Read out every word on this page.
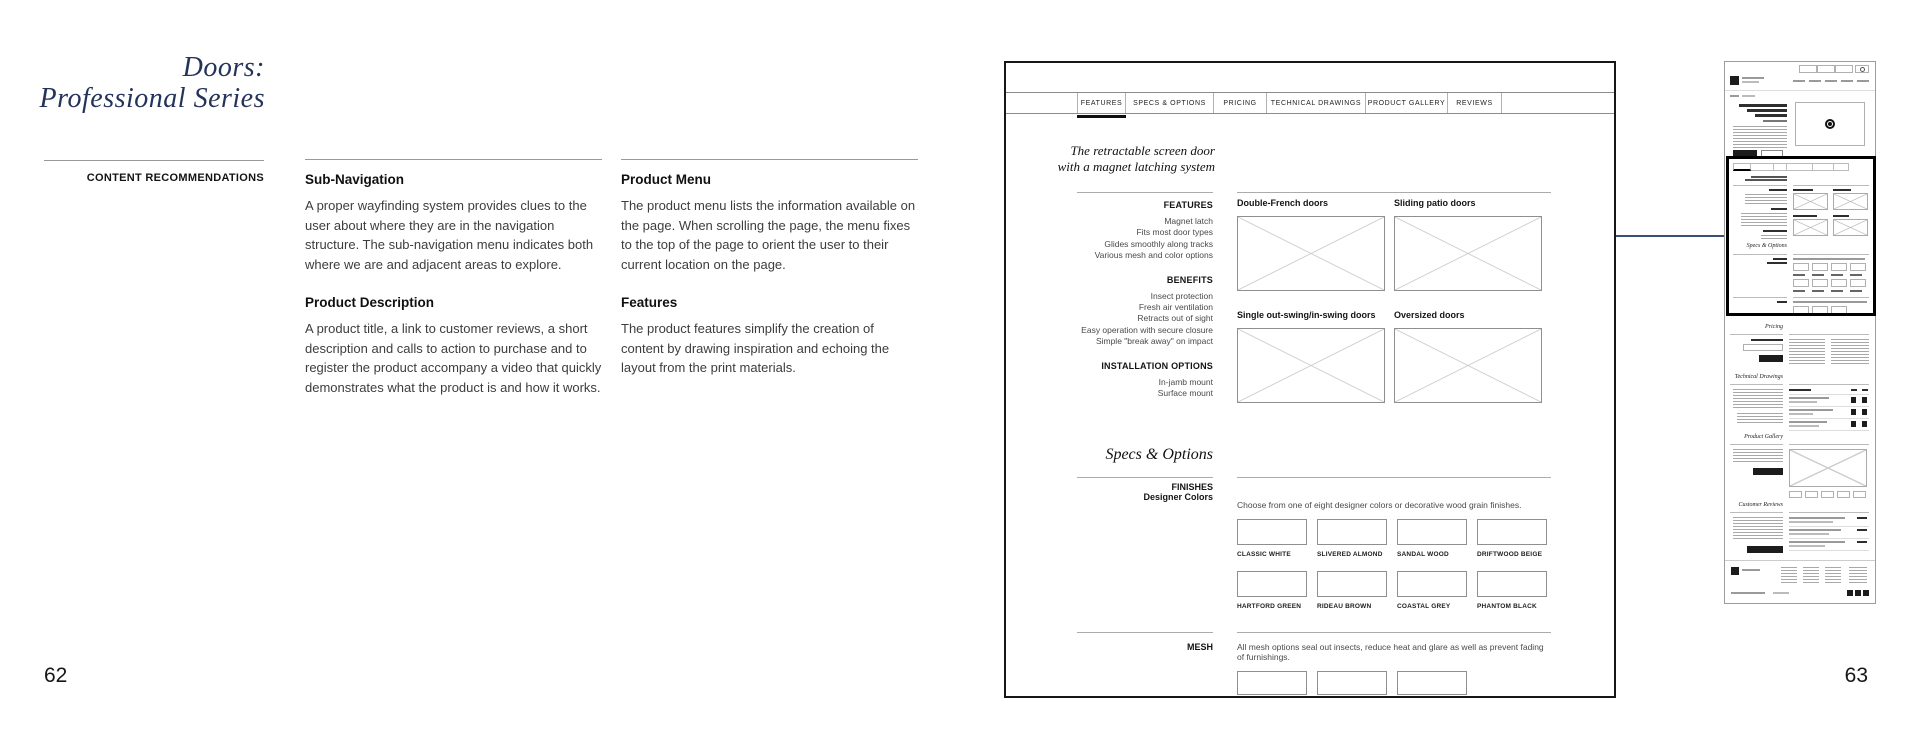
Doors:
Professional Series
CONTENT RECOMMENDATIONS	Sub-Navigation

A proper wayfinding system provides clues to the user about where they are in the navigation structure. The sub-navigation menu indicates both where we are and adjacent areas to explore.

Product Description

A product title, a link to customer reviews, a short description and calls to action to purchase and to register the product accompany a video that quickly demonstrates what the product is and how it works.

Product Menu

The product menu lists the information available on the page. When scrolling the page, the menu fixes to the top of the page to orient the user to their current location on the page.

Features

The product features simplify the creation of content by drawing inspiration and echoing the layout from the print materials.

62
FEATURES	SPECS & OPTIONS	PRICING	TECHNICAL DRAWINGS PRODUCT GALLERY	REVIEWS
The retractable screen door
with a magnet latching system
FEATURES
Magnet latch
Fits most door types
Glides smoothly along tracks
Various mesh and color options
BENEFITS
Insect protection
Fresh air ventilation
Retracts out of sight
Easy operation with secure closure
Simple "break away" on impact
INSTALLATION OPTIONS
In-jamb mount
Surface mount
Double-French doors	Sliding patio doors
Single out-swing/in-swing doors	Oversized doors
Specs & Options
FINISHES
Designer Colors
Choose from one of eight designer colors or decorative wood grain finishes.
CLASSIC WHITE	SLIVERED ALMOND	SANDAL WOOD	DRIFTWOOD BEIGE
HARTFORD GREEN	RIDEAU BROWN	COASTAL GREY	PHANTOM BLACK
MESH	All mesh options seal out insects, reduce heat and glare as well as prevent fading of furnishings.
Specs & Options
Pricing
Technical Drawings
Product Gallery
Customer Reviews
63
